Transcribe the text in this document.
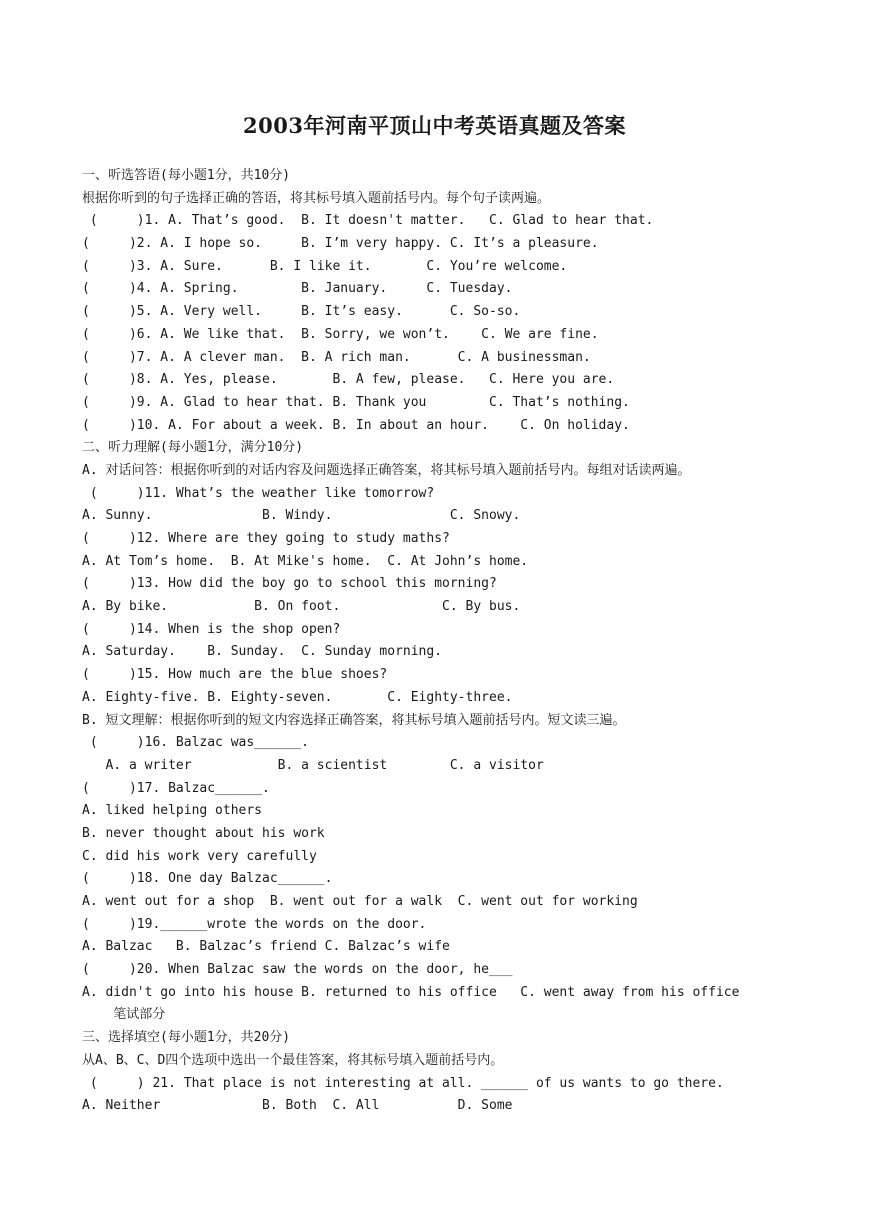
2003年河南平顶山中考英语真题及答案
一、听选答语(每小题1分，共10分)
根据你听到的句子选择正确的答语，将其标号填入题前括号内。每个句子读两遍。
(     )1. A. That’s good.  B. It doesn't matter.   C. Glad to hear that.
(     )2. A. I hope so.     B. I’m very happy. C. It’s a pleasure.
(     )3. A. Sure.      B. I like it.       C. You’re welcome.
(     )4. A. Spring.        B. January.     C. Tuesday.
(     )5. A. Very well.     B. It’s easy.      C. So-so.
(     )6. A. We like that.  B. Sorry, we won’t.    C. We are fine.
(     )7. A. A clever man.  B. A rich man.      C. A businessman.
(     )8. A. Yes, please.       B. A few, please.   C. Here you are.
(     )9. A. Glad to hear that. B. Thank you        C. That’s nothing.
(     )10. A. For about a week. B. In about an hour.    C. On holiday.
二、听力理解(每小题1分，满分10分)
A. 对话问答：根据你听到的对话内容及问题选择正确答案，将其标号填入题前括号内。每组对话读两遍。
(     )11. What’s the weather like tomorrow?
A. Sunny.              B. Windy.               C. Snowy.
(     )12. Where are they going to study maths?
A. At Tom’s home.  B. At Mike's home.  C. At John’s home.
(     )13. How did the boy go to school this morning?
A. By bike.           B. On foot.             C. By bus.
(     )14. When is the shop open?
A. Saturday.    B. Sunday.  C. Sunday morning.
(     )15. How much are the blue shoes?
A. Eighty-five. B. Eighty-seven.       C. Eighty-three.
B. 短文理解：根据你听到的短文内容选择正确答案，将其标号填入题前括号内。短文读三遍。
(     )16. Balzac was______.
A. a writer           B. a scientist        C. a visitor
(     )17. Balzac______.
A. liked helping others
B. never thought about his work
C. did his work very carefully
(     )18. One day Balzac______.
A. went out for a shop  B. went out for a walk  C. went out for working
(     )19.______wrote the words on the door.
A. Balzac   B. Balzac’s friend C. Balzac’s wife
(     )20. When Balzac saw the words on the door, he___
A. didn't go into his house B. returned to his office   C. went away from his office
笔试部分
三、选择填空(每小题1分，共20分)
从A、B、C、D四个选项中选出一个最佳答案，将其标号填入题前括号内。
(     ) 21. That place is not interesting at all. ______ of us wants to go there.
A. Neither             B. Both  C. All          D. Some
